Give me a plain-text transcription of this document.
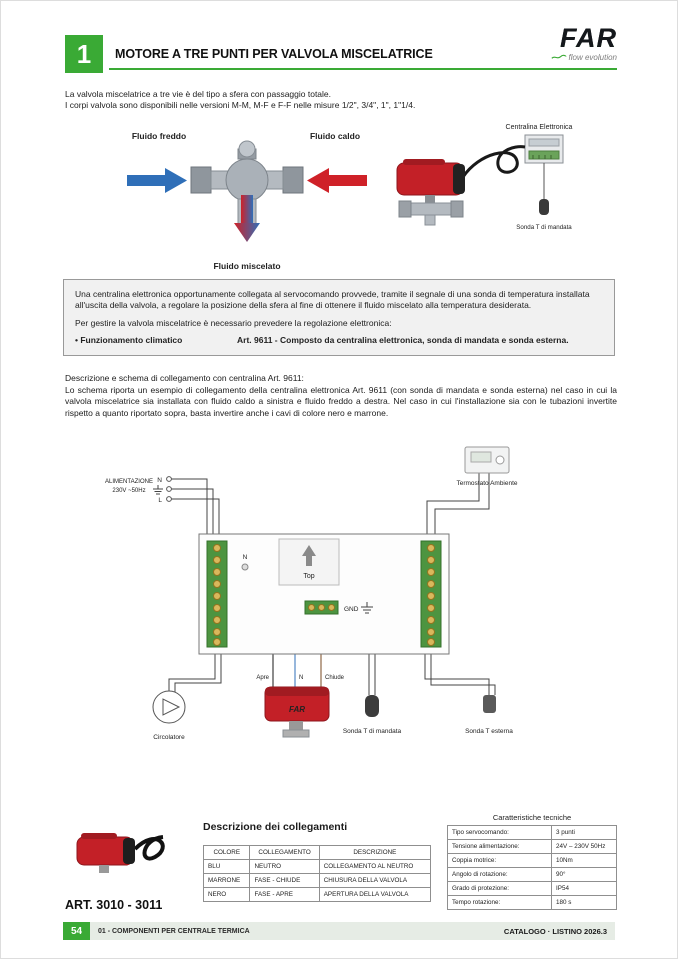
1	MOTORE A TRE PUNTI PER VALVOLA MISCELATRICE
FAR
flow evolution
La valvola miscelatrice a tre vie è del tipo a sfera con passaggio totale.
I corpi valvola sono disponibili nelle versioni M-M, M-F e F-F nelle misure 1/2", 3/4", 1", 1"1/4.
Fluido freddo	Fluido caldo
Fluido miscelato
Centralina Elettronica
Sonda T di mandata

Una centralina elettronica opportunamente collegata al servocomando provvede, tramite il segnale di una sonda di temperatura installata all'uscita della valvola, a regolare la posizione della sfera al fine di ottenere il fluido miscelato alla temperatura desiderata.

Per gestire la valvola miscelatrice è necessario prevedere la regolazione elettronica:

• Funzionamento climatico	Art. 9611 - Composto da centralina elettronica, sonda di mandata e sonda esterna.
Descrizione e schema di collegamento con centralina Art. 9611:
Lo schema riporta un esempio di collegamento della centralina elettronica Art. 9611 (con sonda di mandata e sonda esterna) nel caso in cui la valvola miscelatrice sia installata con fluido caldo a sinistra e fluido freddo a destra. Nel caso in cui l'installazione sia con le tubazioni invertite rispetto a quanto riportato sopra, basta invertire anche i cavi di colore nero e marrone.
Termostato Ambiente
ALIMENTAZIONE
230V ~50Hz
N
L
Top
N
GND
Apre	N	Chiude
FAR
Circolatore
Sonda T di mandata	Sonda T esterna
ART. 3010 - 3011
Descrizione dei collegamenti
COLORE	COLLEGAMENTO	DESCRIZIONE
BLU	NEUTRO	COLLEGAMENTO AL NEUTRO
MARRONE	FASE - CHIUDE	CHIUSURA DELLA VALVOLA
NERO	FASE - APRE	APERTURA DELLA VALVOLA
Caratteristiche tecniche
Tipo servocomando:	3 punti
Tensione alimentazione:	24V – 230V 50Hz
Coppia motrice:	10Nm
Angolo di rotazione:	90°
Grado di protezione:	IP54
Tempo rotazione:	180 s
54	01 - COMPONENTI PER CENTRALE TERMICA	CATALOGO · LISTINO 2026.3
